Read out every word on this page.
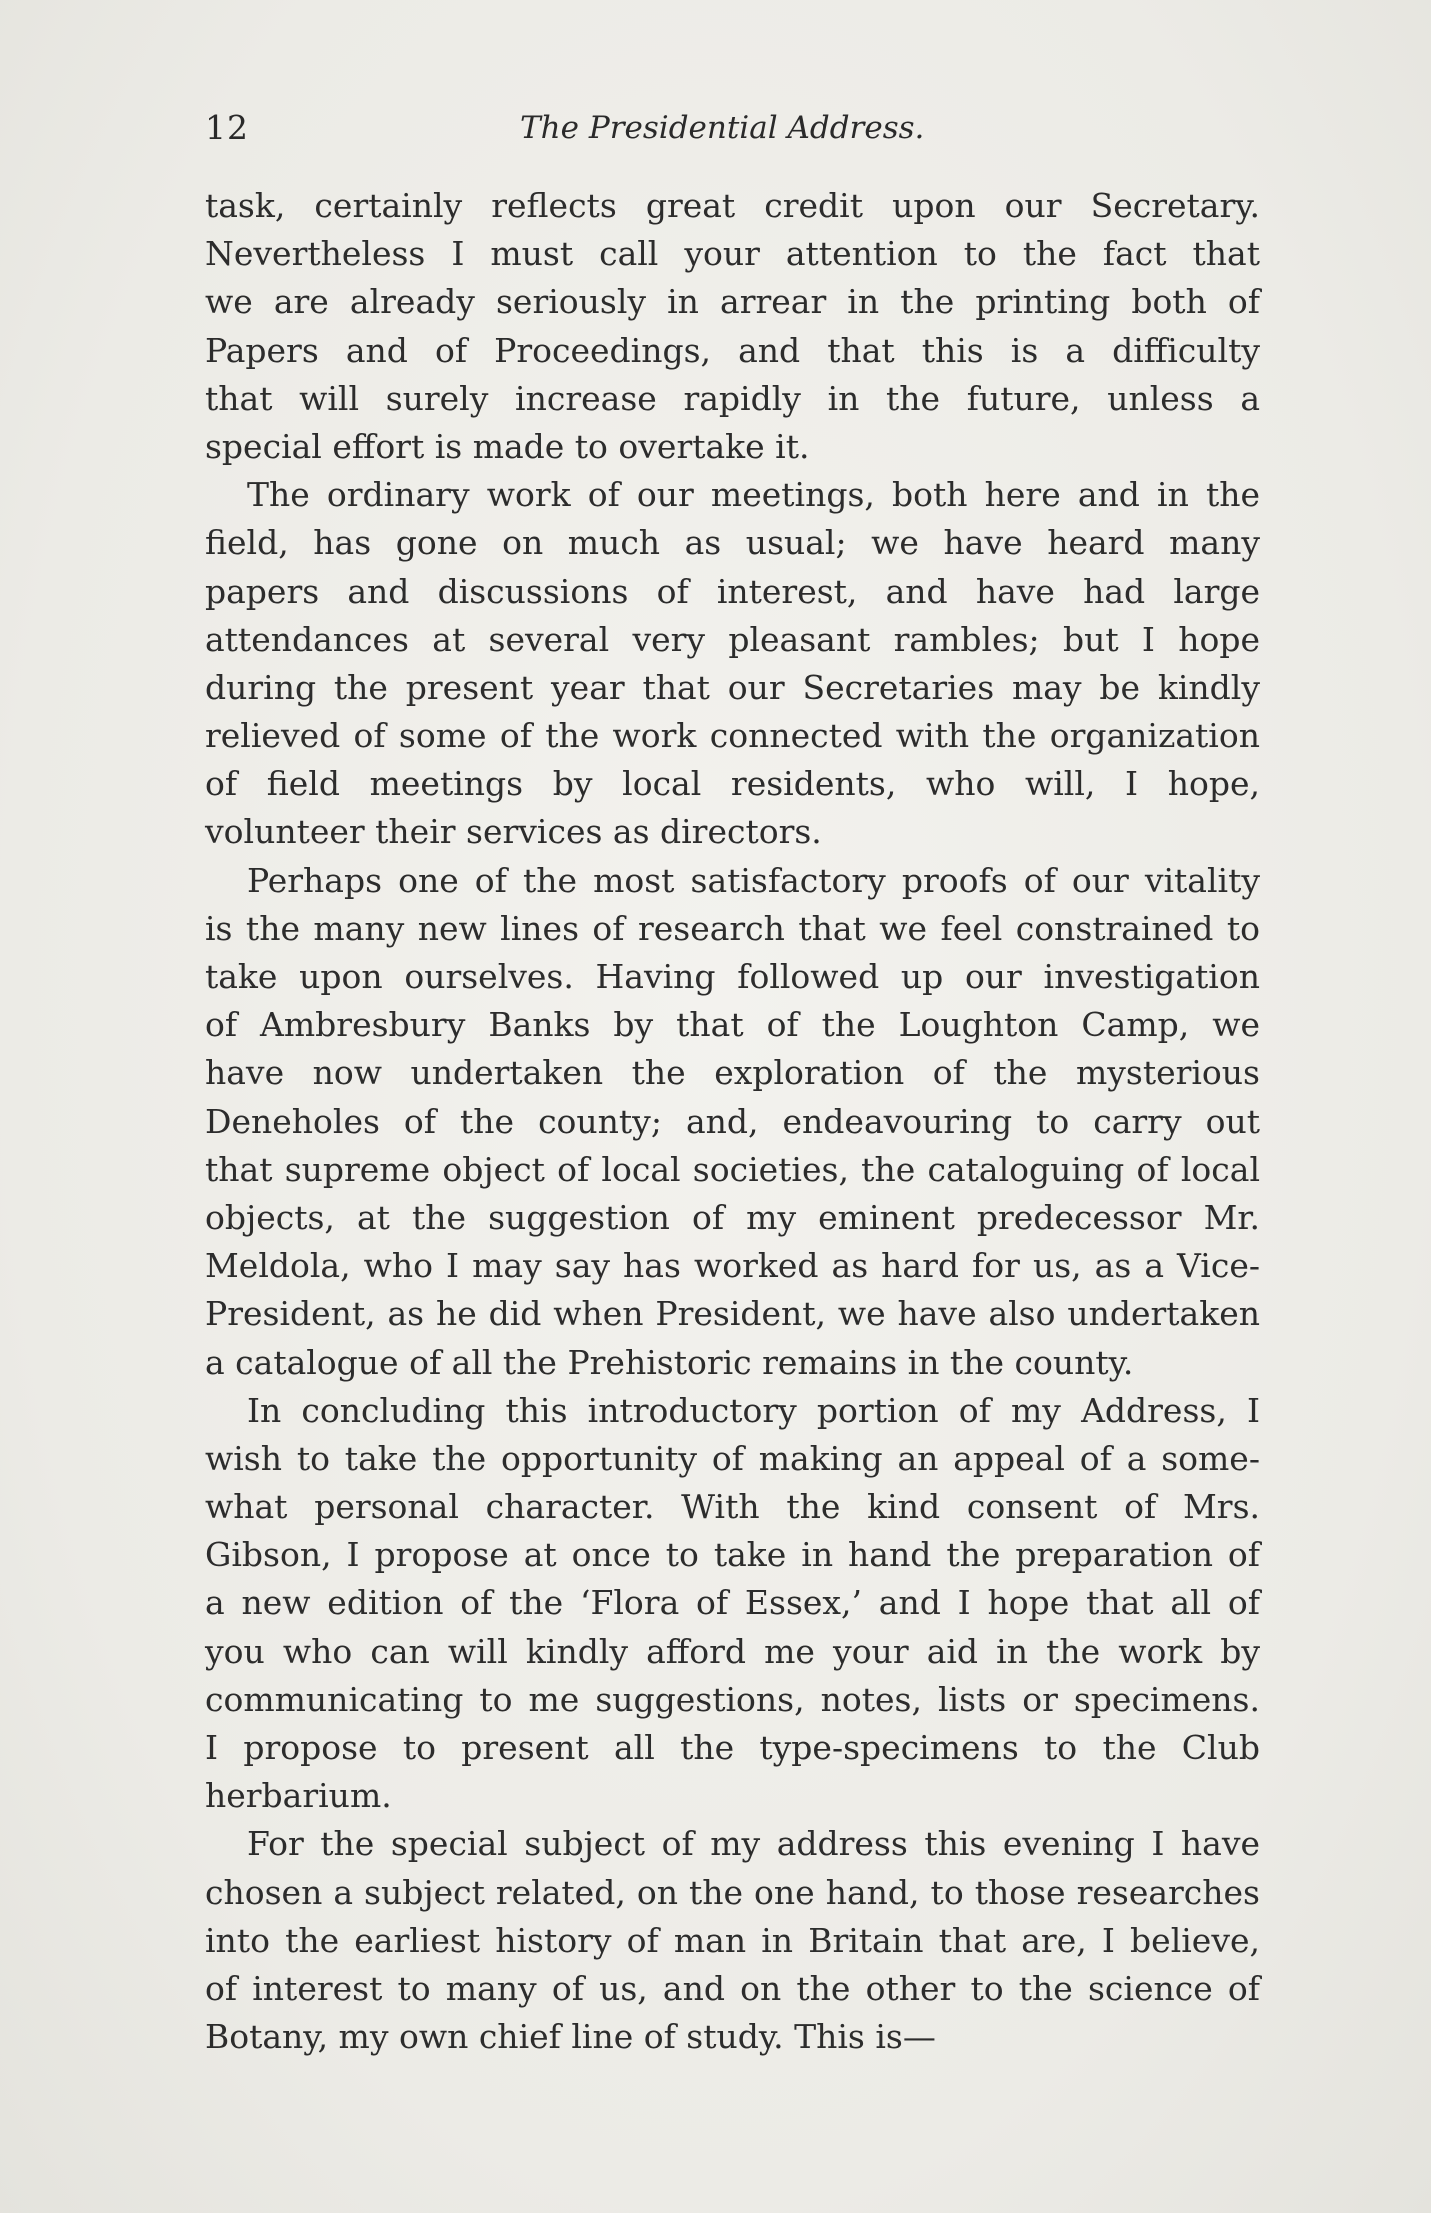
12	The Presidential Address.
task, certainly reflects great credit upon our Secretary.
Nevertheless I must call your attention to the fact that
we are already seriously in arrear in the printing both of
Papers and of Proceedings, and that this is a difficulty
that will surely increase rapidly in the future, unless a
special effort is made to overtake it.
The ordinary work of our meetings, both here and in the
field, has gone on much as usual; we have heard many
papers and discussions of interest, and have had large
attendances at several very pleasant rambles; but I hope
during the present year that our Secretaries may be kindly
relieved of some of the work connected with the organization
of field meetings by local residents, who will, I hope,
volunteer their services as directors.
Perhaps one of the most satisfactory proofs of our vitality
is the many new lines of research that we feel constrained to
take upon ourselves. Having followed up our investigation
of Ambresbury Banks by that of the Loughton Camp, we
have now undertaken the exploration of the mysterious
Deneholes of the county; and, endeavouring to carry out
that supreme object of local societies, the cataloguing of local
objects, at the suggestion of my eminent predecessor Mr.
Meldola, who I may say has worked as hard for us, as a Vice-
President, as he did when President, we have also undertaken
a catalogue of all the Prehistoric remains in the county.
In concluding this introductory portion of my Address, I
wish to take the opportunity of making an appeal of a some-
what personal character. With the kind consent of Mrs.
Gibson, I propose at once to take in hand the preparation of
a new edition of the ‘Flora of Essex,’ and I hope that all of
you who can will kindly afford me your aid in the work by
communicating to me suggestions, notes, lists or specimens.
I propose to present all the type-specimens to the Club
herbarium.
For the special subject of my address this evening I have
chosen a subject related, on the one hand, to those researches
into the earliest history of man in Britain that are, I believe,
of interest to many of us, and on the other to the science of
Botany, my own chief line of study. This is—
